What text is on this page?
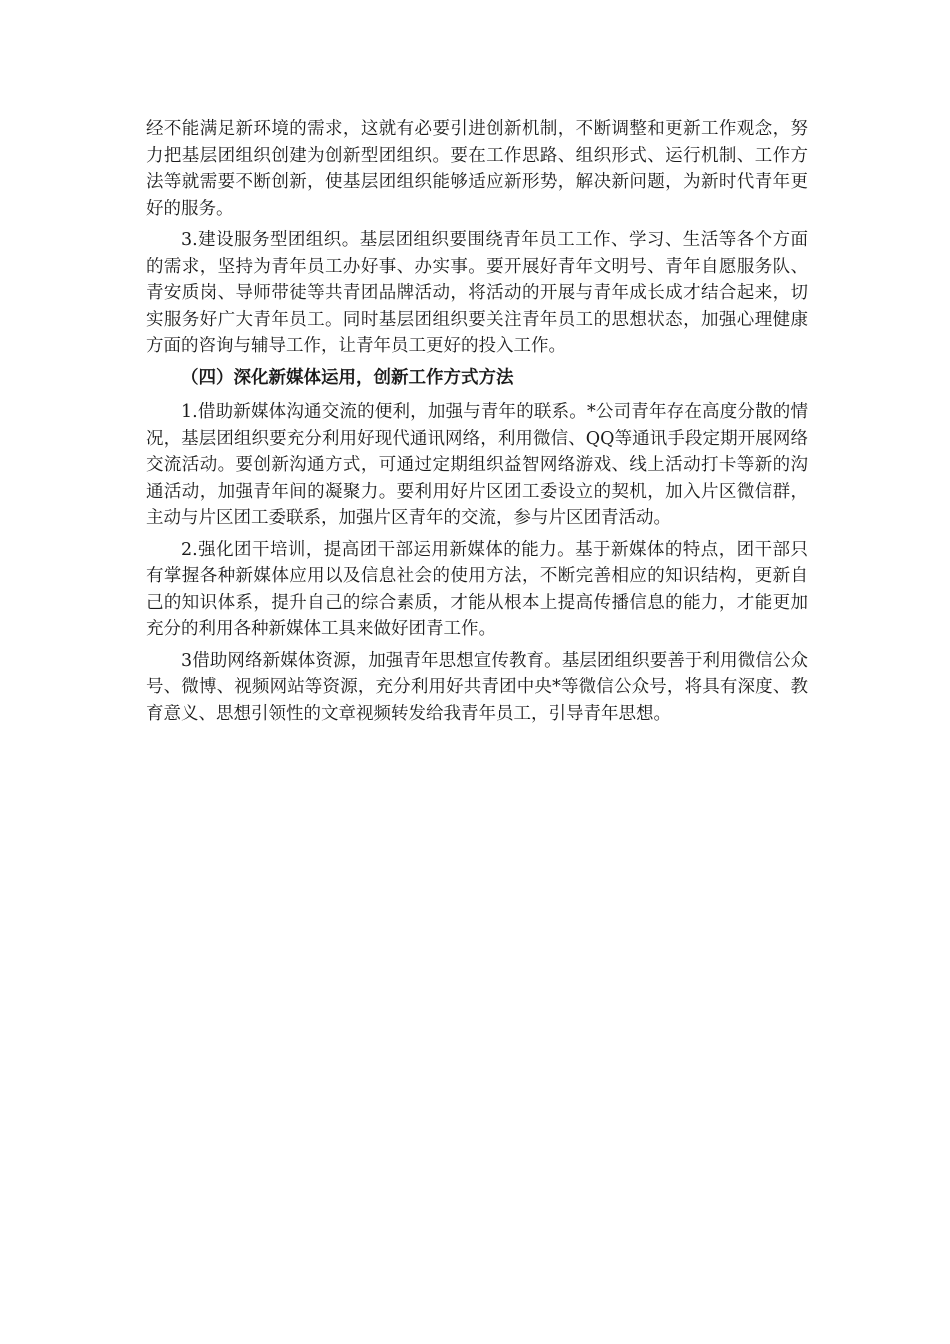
经不能满足新环境的需求，这就有必要引进创新机制，不断调整和更新工作观念，努力把基层团组织创建为创新型团组织。要在工作思路、组织形式、运行机制、工作方法等就需要不断创新，使基层团组织能够适应新形势，解决新问题，为新时代青年更好的服务。

3.建设服务型团组织。基层团组织要围绕青年员工工作、学习、生活等各个方面的需求，坚持为青年员工办好事、办实事。要开展好青年文明号、青年自愿服务队、青安质岗、导师带徒等共青团品牌活动，将活动的开展与青年成长成才结合起来，切实服务好广大青年员工。同时基层团组织要关注青年员工的思想状态，加强心理健康方面的咨询与辅导工作，让青年员工更好的投入工作。

（四）深化新媒体运用，创新工作方式方法

1.借助新媒体沟通交流的便利，加强与青年的联系。*公司青年存在高度分散的情况，基层团组织要充分利用好现代通讯网络，利用微信、QQ等通讯手段定期开展网络交流活动。要创新沟通方式，可通过定期组织益智网络游戏、线上活动打卡等新的沟通活动，加强青年间的凝聚力。要利用好片区团工委设立的契机，加入片区微信群，主动与片区团工委联系，加强片区青年的交流，参与片区团青活动。

2.强化团干培训，提高团干部运用新媒体的能力。基于新媒体的特点，团干部只有掌握各种新媒体应用以及信息社会的使用方法，不断完善相应的知识结构，更新自己的知识体系，提升自己的综合素质，才能从根本上提高传播信息的能力，才能更加充分的利用各种新媒体工具来做好团青工作。

3借助网络新媒体资源，加强青年思想宣传教育。基层团组织要善于利用微信公众号、微博、视频网站等资源，充分利用好共青团中央*等微信公众号，将具有深度、教育意义、思想引领性的文章视频转发给我青年员工，引导青年思想。
